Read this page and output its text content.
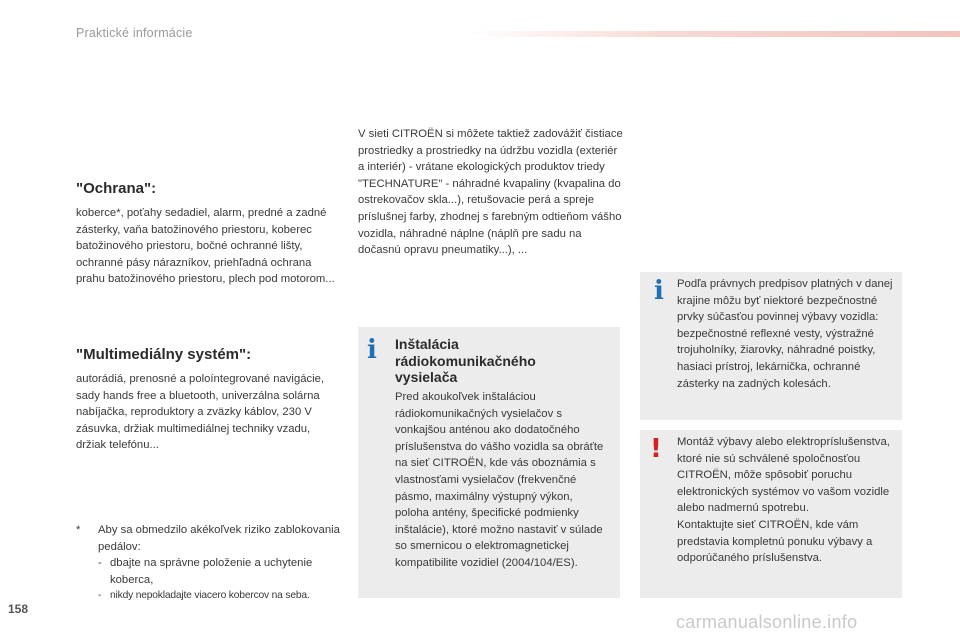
Praktické informácie
"Ochrana":

koberce*, poťahy sedadiel, alarm, predné a zadné zásterky, vaňa batožinového priestoru, koberec batožinového priestoru, bočné ochranné lišty, ochranné pásy nárazníkov, priehľadná ochrana prahu batožinového priestoru, plech pod motorom...

"Multimediálny systém":

autorádiá, prenosné a poloíntegrované navigácie, sady hands free a bluetooth, univerzálna solárna nabíjačka, reproduktory a zväzky káblov, 230 V zásuvka, držiak multimediálnej techniky vzadu, držiak telefónu...

*	Aby sa obmedzilo akékoľvek riziko zablokovania pedálov:
- dbajte na správne položenie a uchytenie koberca,
- nikdy nepokladajte viacero kobercov na seba.

V sieti CITROËN si môžete taktiež zadovážiť čistiace prostriedky a prostriedky na údržbu vozidla (exteriér a interiér) - vrátane ekologických produktov triedy "TECHNATURE" - náhradné kvapaliny (kvapalina do ostrekovačov skla...), retušovacie perá a spreje príslušnej farby, zhodnej s farebným odtieňom vášho vozidla, náhradné náplne (náplň pre sadu na dočasnú opravu pneumatiky...), ...

i Inštalácia rádiokomunikačného vysielača

Pred akoukoľvek inštaláciou rádiokomunikačných vysielačov s vonkajšou anténou ako dodatočného príslušenstva do vášho vozidla sa obráťte na sieť CITROËN, kde vás oboznámia s vlastnosťami vysielačov (frekvenčné pásmo, maximálny výstupný výkon, poloha antény, špecifické podmienky inštalácie), ktoré možno nastaviť v súlade so smernicou o elektromagnetickej kompatibilite vozidiel (2004/104/ES).

i Podľa právnych predpisov platných v danej krajine môžu byť niektoré bezpečnostné prvky súčasťou povinnej výbavy vozidla: bezpečnostné reflexné vesty, výstražné trojuholníky, žiarovky, náhradné poistky, hasiaci prístroj, lekárnička, ochranné zásterky na zadných kolesách.

! Montáž výbavy alebo elektropríslušenstva, ktoré nie sú schválené spoločnosťou CITROËN, môže spôsobiť poruchu elektronických systémov vo vašom vozidle alebo nadmernú spotrebu.

Kontaktujte sieť CITROËN, kde vám predstavia kompletnú ponuku výbavy a odporúčaného príslušenstva.

158
carmanualsonline.info
